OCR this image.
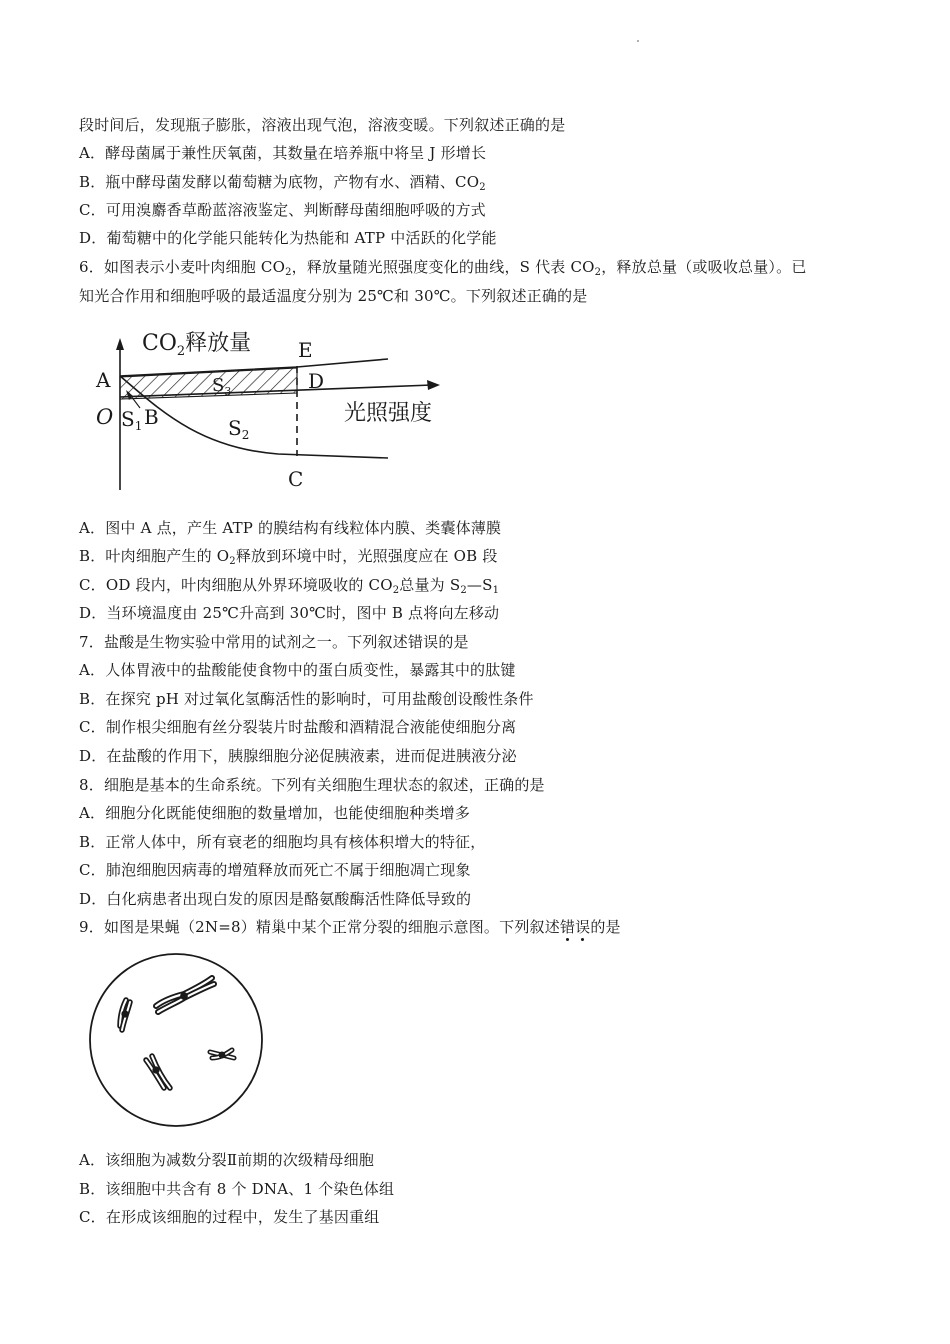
段时间后，发现瓶子膨胀，溶液出现气泡，溶液变暖。下列叙述正确的是
A．酵母菌属于兼性厌氧菌，其数量在培养瓶中将呈 J 形增长
B．瓶中酵母菌发酵以葡萄糖为底物，产物有水、酒精、$CO_2$
C．可用溴麝香草酚蓝溶液鉴定、判断酵母菌细胞呼吸的方式
D．葡萄糖中的化学能只能转化为热能和 ATP 中活跃的化学能
6．如图表示小麦叶肉细胞 $CO_2$，释放量随光照强度变化的曲线，S 代表 $CO_2$，释放总量（或吸收总量）。已
知光合作用和细胞呼吸的最适温度分别为 25℃和 30℃。下列叙述正确的是
$CO_2$释放量
光照强度
A
O B
C
D
E
$S_1$	$S_2$
$S_3$
A．图中 A 点，产生 ATP 的膜结构有线粒体内膜、类囊体薄膜
B．叶肉细胞产生的 $O_2$释放到环境中时，光照强度应在 OB 段
C．OD 段内，叶肉细胞从外界环境吸收的 $CO_2$总量为 $S_2—S_1$
D．当环境温度由 25℃升高到 30℃时，图中 B 点将向左移动
7．盐酸是生物实验中常用的试剂之一。下列叙述错误的是
A．人体胃液中的盐酸能使食物中的蛋白质变性，暴露其中的肽键
B．在探究 pH 对过氧化氢酶活性的影响时，可用盐酸创设酸性条件
C．制作根尖细胞有丝分裂装片时盐酸和酒精混合液能使细胞分离
D．在盐酸的作用下，胰腺细胞分泌促胰液素，进而促进胰液分泌
8．细胞是基本的生命系统。下列有关细胞生理状态的叙述，正确的是
A．细胞分化既能使细胞的数量增加，也能使细胞种类增多
B．正常人体中，所有衰老的细胞均具有核体积增大的特征，
C．肺泡细胞因病毒的增殖释放而死亡不属于细胞凋亡现象
D．白化病患者出现白发的原因是酪氨酸酶活性降低导致的
9．如图是果蝇（2N=8）精巢中某个正常分裂的细胞示意图。下列叙述错误的是
A．该细胞为减数分裂Ⅱ前期的次级精母细胞
B．该细胞中共含有 8 个 DNA、1 个染色体组
C．在形成该细胞的过程中，发生了基因重组
